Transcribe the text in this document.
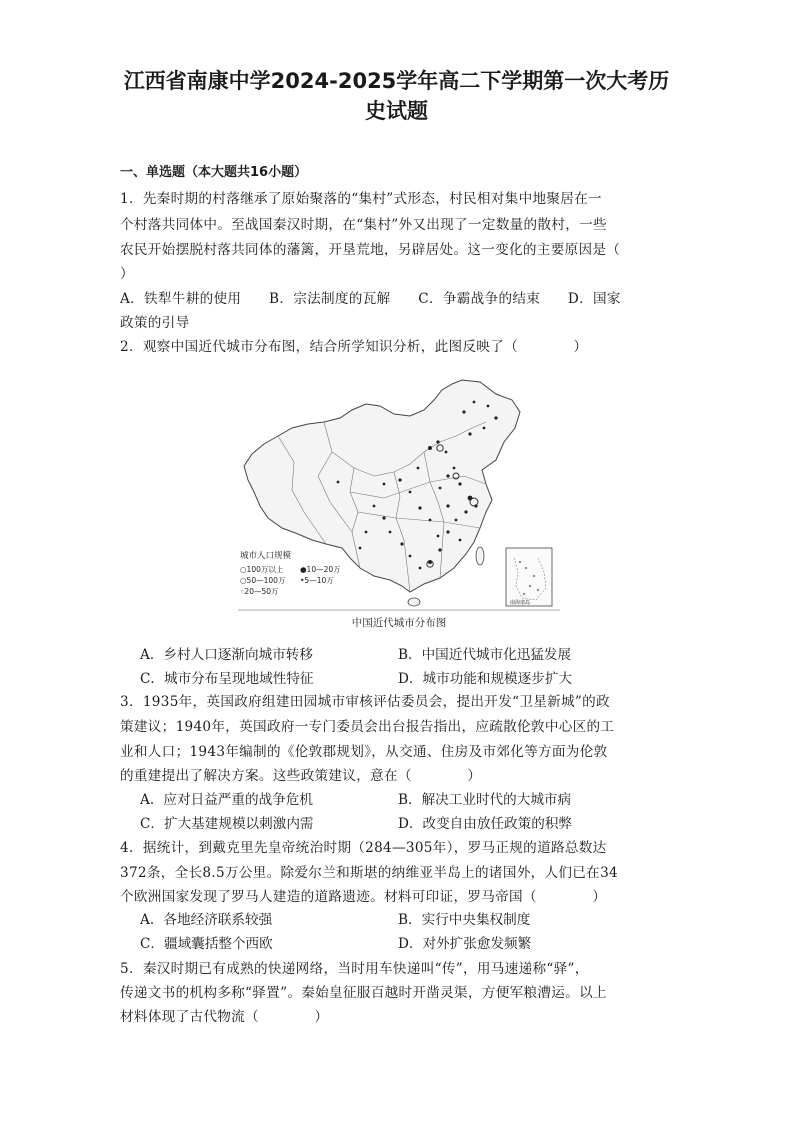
江西省南康中学2024-2025学年高二下学期第一次大考历
史试题
一、单选题（本大题共16小题）
1．先秦时期的村落继承了原始聚落的“集村”式形态，村民相对集中地聚居在一
个村落共同体中。至战国秦汉时期，在“集村”外又出现了一定数量的散村，一些
农民开始摆脱村落共同体的藩篱，开垦荒地，另辟居处。这一变化的主要原因是（
）
A．铁犁牛耕的使用　　B．宗法制度的瓦解　　C．争霸战争的结束　　D．国家
政策的引导
2．观察中国近代城市分布图，结合所学知识分析，此图反映了（　　　　）
城市人口规模
○100万以上 ●10—20万
○50—100万 •5—10万
◦20—50万
南海诸岛
中国近代城市分布图
A．乡村人口逐渐向城市转移	B．中国近代城市化迅猛发展
C．城市分布呈现地域性特征	D．城市功能和规模逐步扩大
3．1935年，英国政府组建田园城市审核评估委员会，提出开发“卫星新城”的政
策建议；1940年，英国政府一专门委员会出台报告指出，应疏散伦敦中心区的工
业和人口；1943年编制的《伦敦郡规划》，从交通、住房及市郊化等方面为伦敦
的重建提出了解决方案。这些政策建议，意在（　　　　）
A．应对日益严重的战争危机	B．解决工业时代的大城市病
C．扩大基建规模以刺激内需	D．改变自由放任政策的积弊
4．据统计，到戴克里先皇帝统治时期（284—305年），罗马正规的道路总数达
372条，全长8.5万公里。除爱尔兰和斯堪的纳维亚半岛上的诸国外，人们已在34
个欧洲国家发现了罗马人建造的道路遗迹。材料可印证，罗马帝国（　　　　）
A．各地经济联系较强	B．实行中央集权制度
C．疆域囊括整个西欧	D．对外扩张愈发频繁
5．秦汉时期已有成熟的快递网络，当时用车快递叫“传”，用马速递称“驿”，
传递文书的机构多称“驿置”。秦始皇征服百越时开凿灵渠，方便军粮漕运。以上
材料体现了古代物流（　　　　）
